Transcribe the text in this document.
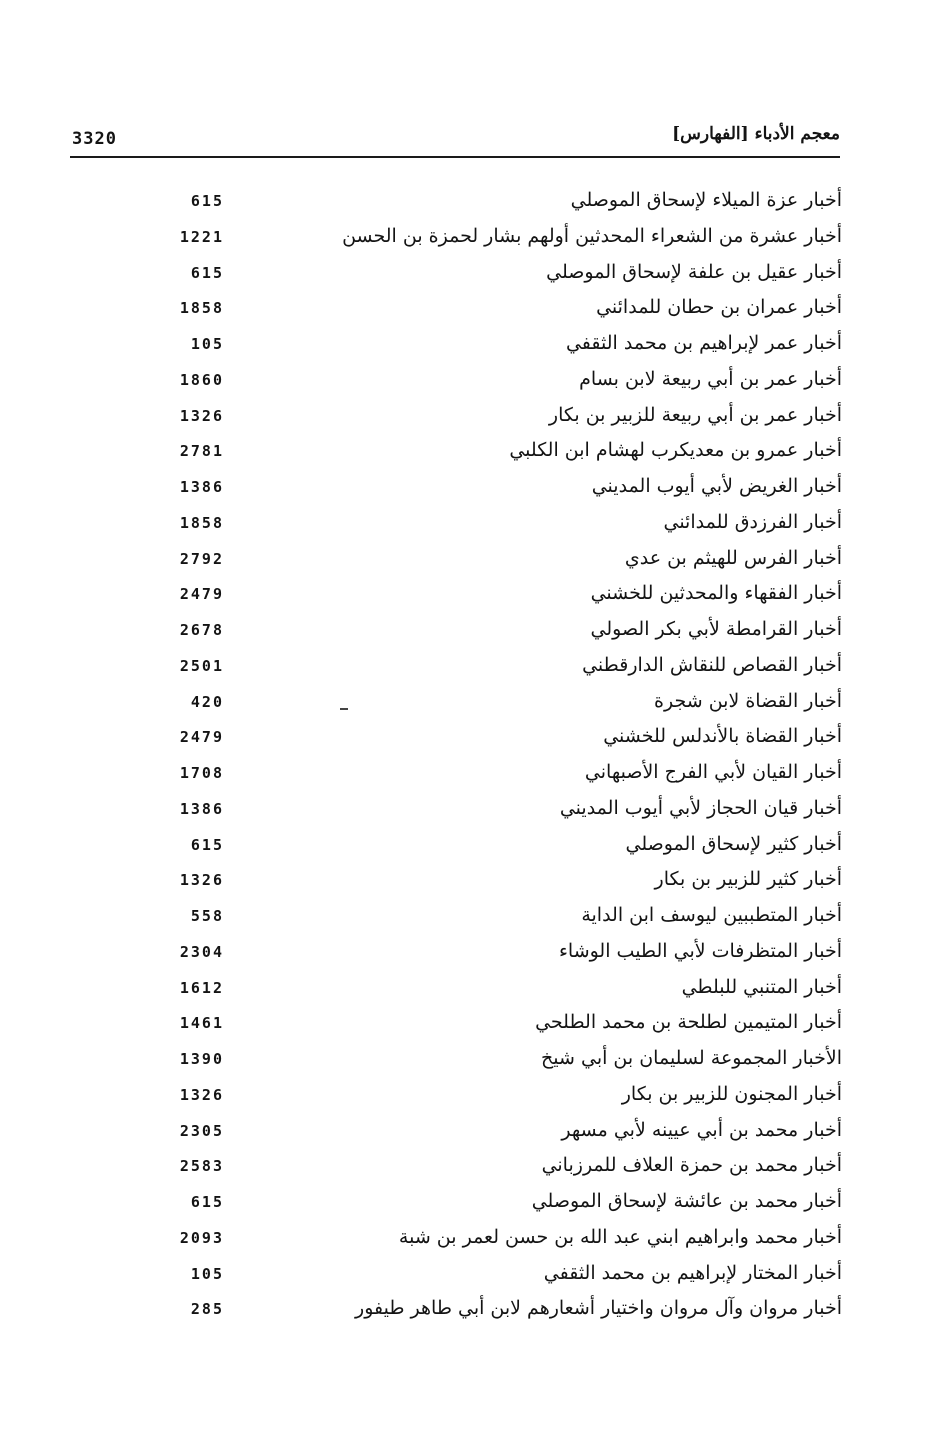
3320	معجم الأدباء [الفهارس]
أخبار عزة الميلاء لإسحاق الموصلي
615
أخبار عشرة من الشعراء المحدثين أولهم بشار لحمزة بن الحسن
1221
أخبار عقيل بن علفة لإسحاق الموصلي
615
أخبار عمران بن حطان للمدائني
1858
أخبار عمر لإبراهيم بن محمد الثقفي
105
أخبار عمر بن أبي ربيعة لابن بسام
1860
أخبار عمر بن أبي ربيعة للزبير بن بكار
1326
أخبار عمرو بن معديكرب لهشام ابن الكلبي
2781
أخبار الغريض لأبي أيوب المديني
1386
أخبار الفرزدق للمدائني
1858
أخبار الفرس للهيثم بن عدي
2792
أخبار الفقهاء والمحدثين للخشني
2479
أخبار القرامطة لأبي بكر الصولي
2678
أخبار القصاص للنقاش الدارقطني
2501
أخبار القضاة لابن شجرة
420
أخبار القضاة بالأندلس للخشني
2479
أخبار القيان لأبي الفرج الأصبهاني
1708
أخبار قيان الحجاز لأبي أيوب المديني
1386
أخبار كثير لإسحاق الموصلي
615
أخبار كثير للزبير بن بكار
1326
أخبار المتطببين ليوسف ابن الداية
558
أخبار المتظرفات لأبي الطيب الوشاء
2304
أخبار المتنبي للبلطي
1612
أخبار المتيمين لطلحة بن محمد الطلحي
1461
الأخبار المجموعة لسليمان بن أبي شيخ
1390
أخبار المجنون للزبير بن بكار
1326
أخبار محمد بن أبي عيينه لأبي مسهر
2305
أخبار محمد بن حمزة العلاف للمرزباني
2583
أخبار محمد بن عائشة لإسحاق الموصلي
615
أخبار محمد وابراهيم ابني عبد الله بن حسن لعمر بن شبة
2093
أخبار المختار لإبراهيم بن محمد الثقفي
105
أخبار مروان وآل مروان واختيار أشعارهم لابن أبي طاهر طيفور
285
